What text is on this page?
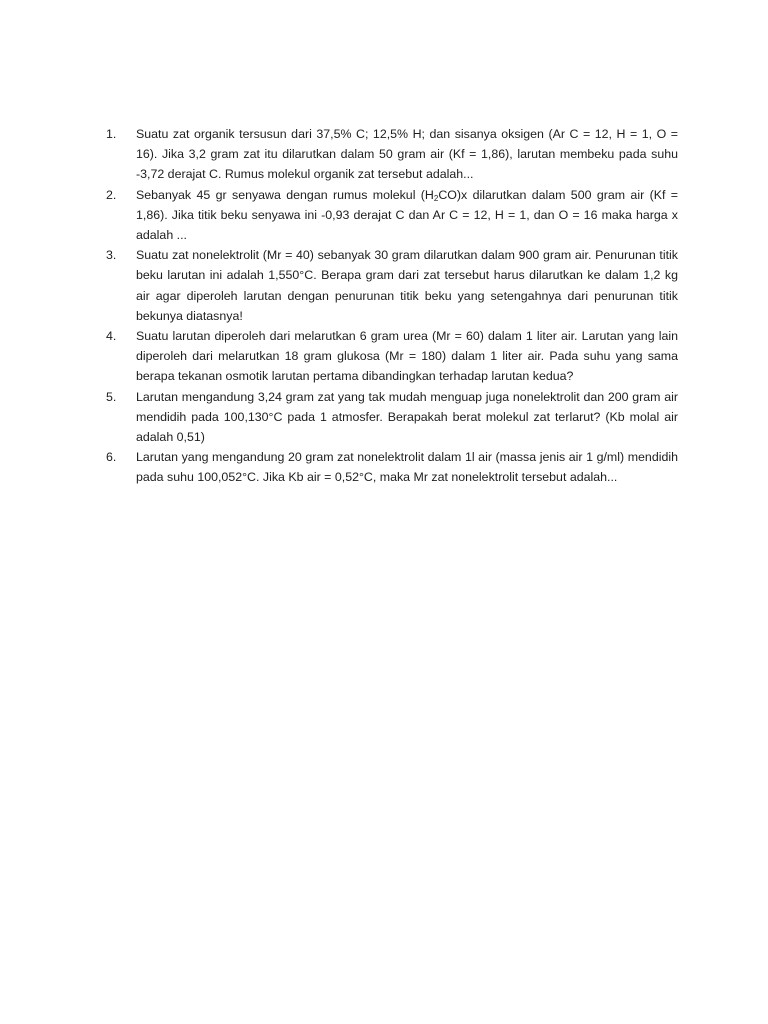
1.	Suatu zat organik tersusun dari 37,5% C; 12,5% H; dan sisanya oksigen (Ar C = 12, H = 1, O = 16). Jika 3,2 gram zat itu dilarutkan dalam 50 gram air (Kf = 1,86), larutan membeku pada suhu -3,72 derajat C. Rumus molekul organik zat tersebut adalah...
2.	Sebanyak 45 gr senyawa dengan rumus molekul $(H_2CO)x$ dilarutkan dalam 500 gram air (Kf = 1,86). Jika titik beku senyawa ini -0,93 derajat C dan Ar C = 12, H = 1, dan O = 16 maka harga x adalah ...
3.	Suatu zat nonelektrolit (Mr = 40) sebanyak 30 gram dilarutkan dalam 900 gram air. Penurunan titik beku larutan ini adalah 1,550°C. Berapa gram dari zat tersebut harus dilarutkan ke dalam 1,2 kg air agar diperoleh larutan dengan penurunan titik beku yang setengahnya dari penurunan titik bekunya diatasnya!
4.	Suatu larutan diperoleh dari melarutkan 6 gram urea (Mr = 60) dalam 1 liter air. Larutan yang lain diperoleh dari melarutkan 18 gram glukosa (Mr = 180) dalam 1 liter air. Pada suhu yang sama berapa tekanan osmotik larutan pertama dibandingkan terhadap larutan kedua?
5.	Larutan mengandung 3,24 gram zat yang tak mudah menguap juga nonelektrolit dan 200 gram air mendidih pada 100,130°C pada 1 atmosfer. Berapakah berat molekul zat terlarut? (Kb molal air adalah 0,51)
6.	Larutan yang mengandung 20 gram zat nonelektrolit dalam 1l air (massa jenis air 1 g/ml) mendidih pada suhu 100,052°C. Jika Kb air = 0,52°C, maka Mr zat nonelektrolit tersebut adalah...
